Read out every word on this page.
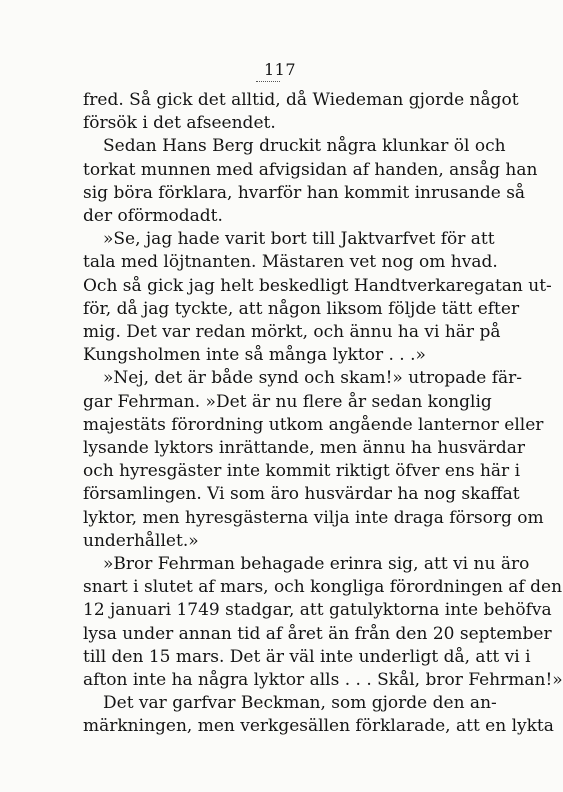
117
fred. Så gick det alltid, då Wiedeman gjorde något
försök i det afseendet.
Sedan Hans Berg druckit några klunkar öl och
torkat munnen med afvigsidan af handen, ansåg han
sig böra förklara, hvarför han kommit inrusande så
der oförmodadt.
»Se, jag hade varit bort till Jaktvarfvet för att
tala med löjtnanten. Mästaren vet nog om hvad.
Och så gick jag helt beskedligt Handtverkaregatan ut-
för, då jag tyckte, att någon liksom följde tätt efter
mig. Det var redan mörkt, och ännu ha vi här på
Kungsholmen inte så många lyktor . . .»
»Nej, det är både synd och skam!» utropade fär-
gar Fehrman. »Det är nu flere år sedan konglig
majestäts förordning utkom angående lanternor eller
lysande lyktors inrättande, men ännu ha husvärdar
och hyresgäster inte kommit riktigt öfver ens här i
församlingen. Vi som äro husvärdar ha nog skaffat
lyktor, men hyresgästerna vilja inte draga försorg om
underhållet.»
»Bror Fehrman behagade erinra sig, att vi nu äro
snart i slutet af mars, och kongliga förordningen af den
12 januari 1749 stadgar, att gatulyktorna inte behöfva
lysa under annan tid af året än från den 20 september
till den 15 mars. Det är väl inte underligt då, att vi i
afton inte ha några lyktor alls . . . Skål, bror Fehrman!»
Det var garfvar Beckman, som gjorde den an-
märkningen, men verkgesällen förklarade, att en lykta
